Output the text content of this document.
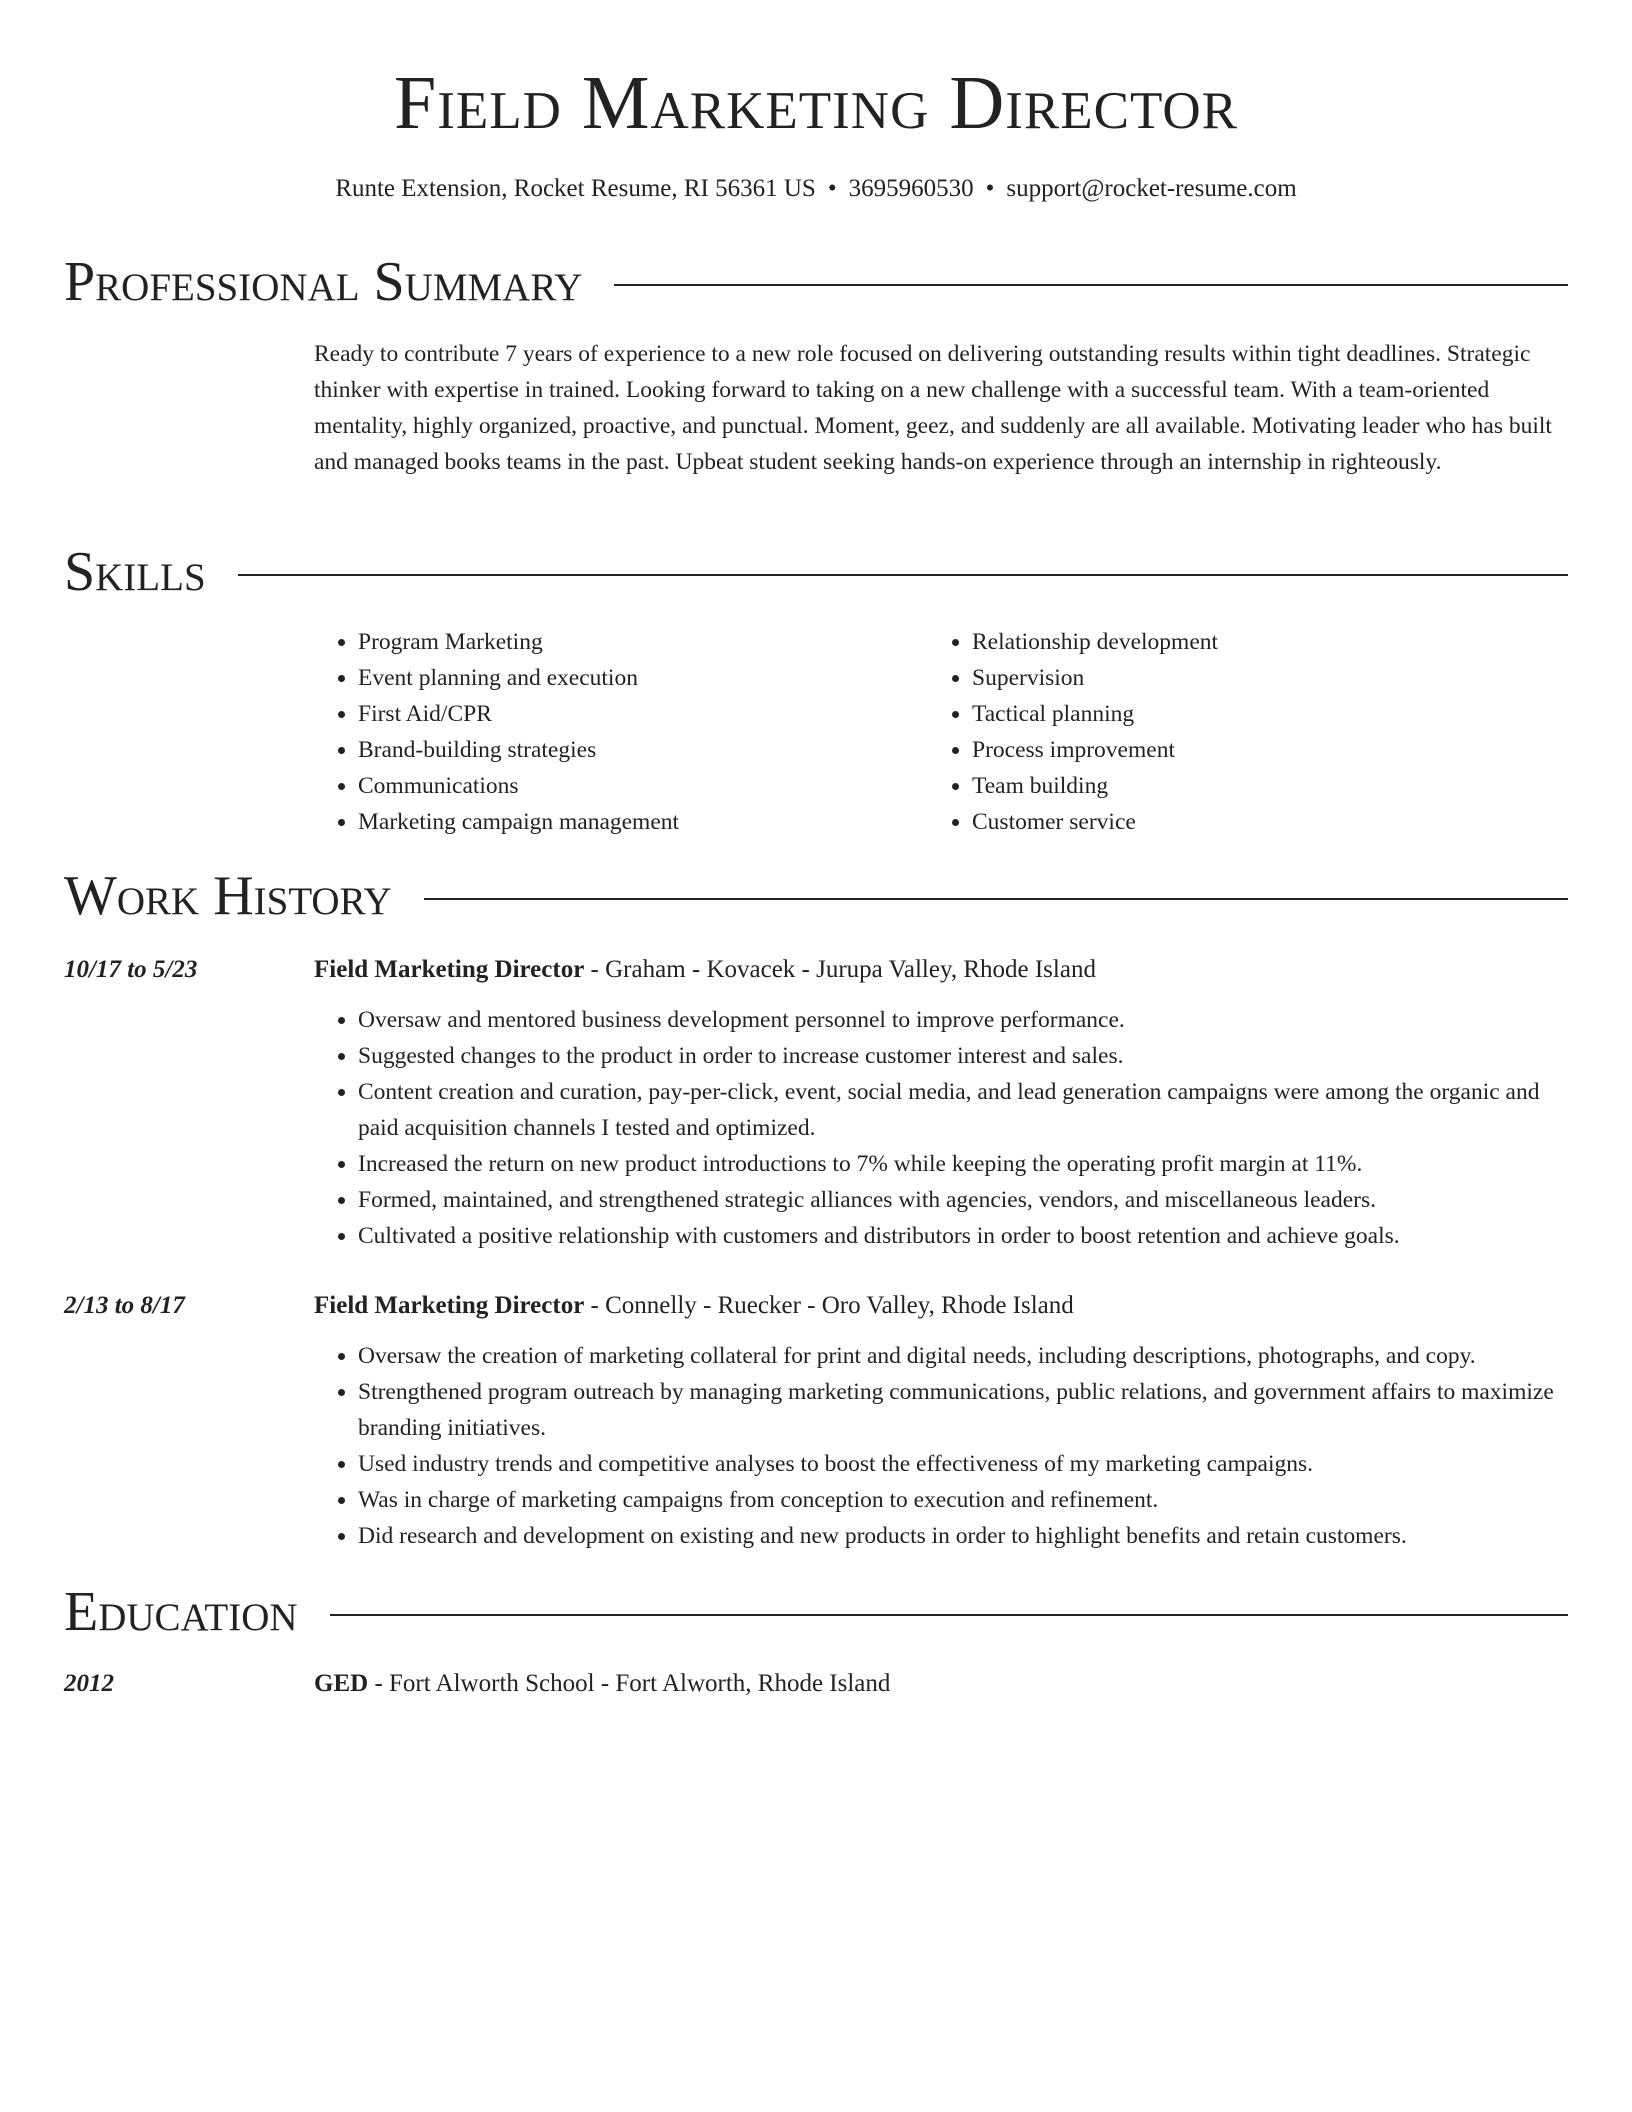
Field Marketing Director
Runte Extension, Rocket Resume, RI 56361 US • 3695960530 • support@rocket-resume.com
Professional Summary

Ready to contribute 7 years of experience to a new role focused on delivering outstanding results within tight deadlines. Strategic thinker with expertise in trained. Looking forward to taking on a new challenge with a successful team. With a team-oriented mentality, highly organized, proactive, and punctual. Moment, geez, and suddenly are all available. Motivating leader who has built and managed books teams in the past. Upbeat student seeking hands-on experience through an internship in righteously.

Skills
• Program Marketing
• Event planning and execution
• First Aid/CPR
• Brand-building strategies
• Communications
• Marketing campaign management
• Relationship development
• Supervision
• Tactical planning
• Process improvement
• Team building
• Customer service
Work History
10/17 to 5/23	Field Marketing Director - Graham - Kovacek - Jurupa Valley, Rhode Island
• Oversaw and mentored business development personnel to improve performance.
• Suggested changes to the product in order to increase customer interest and sales.
• Content creation and curation, pay-per-click, event, social media, and lead generation campaigns were among the organic and paid acquisition channels I tested and optimized.
• Increased the return on new product introductions to 7% while keeping the operating profit margin at 11%.
• Formed, maintained, and strengthened strategic alliances with agencies, vendors, and miscellaneous leaders.
• Cultivated a positive relationship with customers and distributors in order to boost retention and achieve goals.
2/13 to 8/17	Field Marketing Director - Connelly - Ruecker - Oro Valley, Rhode Island
• Oversaw the creation of marketing collateral for print and digital needs, including descriptions, photographs, and copy.
• Strengthened program outreach by managing marketing communications, public relations, and government affairs to maximize branding initiatives.
• Used industry trends and competitive analyses to boost the effectiveness of my marketing campaigns.
• Was in charge of marketing campaigns from conception to execution and refinement.
• Did research and development on existing and new products in order to highlight benefits and retain customers.
Education
2012	GED - Fort Alworth School - Fort Alworth, Rhode Island
